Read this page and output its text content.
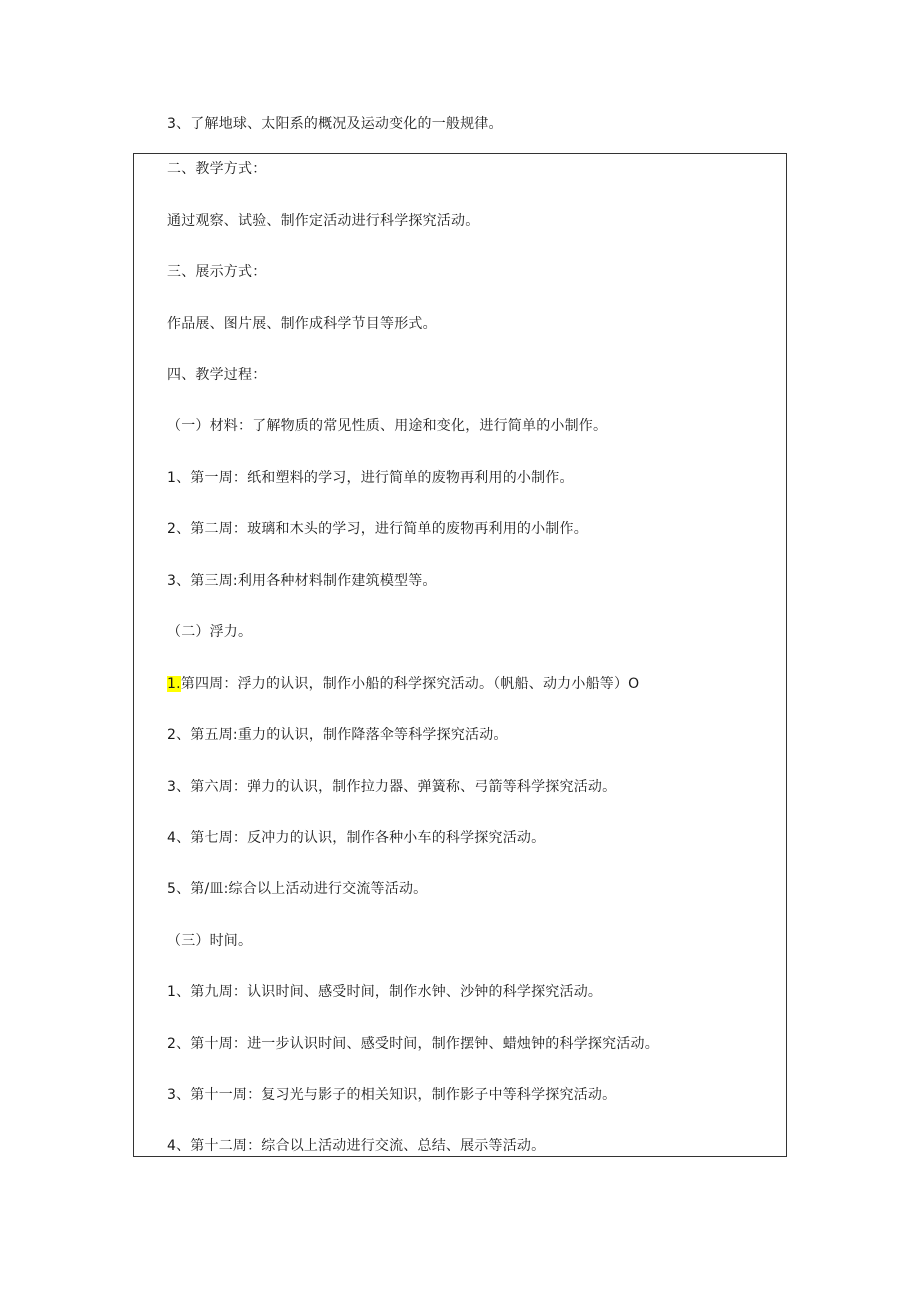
3、了解地球、太阳系的概况及运动变化的一般规律。
二、教学方式：
通过观察、试验、制作定活动进行科学探究活动。
三、展示方式：
作品展、图片展、制作成科学节目等形式。
四、教学过程：
（一）材料：了解物质的常见性质、用途和变化，进行简单的小制作。
1、第一周：纸和塑料的学习，进行简单的废物再利用的小制作。
2、第二周：玻璃和木头的学习，进行简单的废物再利用的小制作。
3、第三周:利用各种材料制作建筑模型等。
（二）浮力。
1.第四周：浮力的认识，制作小船的科学探究活动。（帆船、动力小船等）O
2、第五周:重力的认识，制作降落伞等科学探究活动。
3、第六周：弹力的认识，制作拉力器、弹簧称、弓箭等科学探究活动。
4、第七周：反冲力的认识，制作各种小车的科学探究活动。
5、第/皿:综合以上活动进行交流等活动。
（三）时间。
1、第九周：认识时间、感受时间，制作水钟、沙钟的科学探究活动。
2、第十周：进一步认识时间、感受时间，制作摆钟、蜡烛钟的科学探究活动。
3、第十一周：复习光与影子的相关知识，制作影子中等科学探究活动。
4、第十二周：综合以上活动进行交流、总结、展示等活动。
